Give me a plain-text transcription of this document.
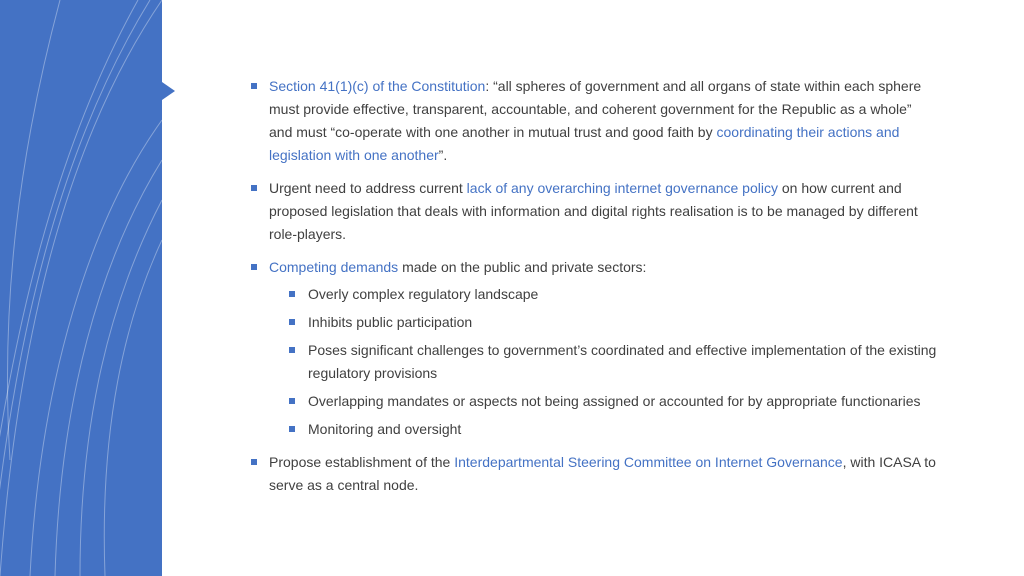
Section 41(1)(c) of the Constitution: “all spheres of government and all organs of state within each sphere must provide effective, transparent, accountable, and coherent government for the Republic as a whole” and must “co-operate with one another in mutual trust and good faith by coordinating their actions and legislation with one another”.
Urgent need to address current lack of any overarching internet governance policy on how current and proposed legislation that deals with information and digital rights realisation is to be managed by different role-players.
Competing demands made on the public and private sectors:
Overly complex regulatory landscape
Inhibits public participation
Poses significant challenges to government’s coordinated and effective implementation of the existing regulatory provisions
Overlapping mandates or aspects not being assigned or accounted for by appropriate functionaries
Monitoring and oversight
Propose establishment of the Interdepartmental Steering Committee on Internet Governance, with ICASA to serve as a central node.
